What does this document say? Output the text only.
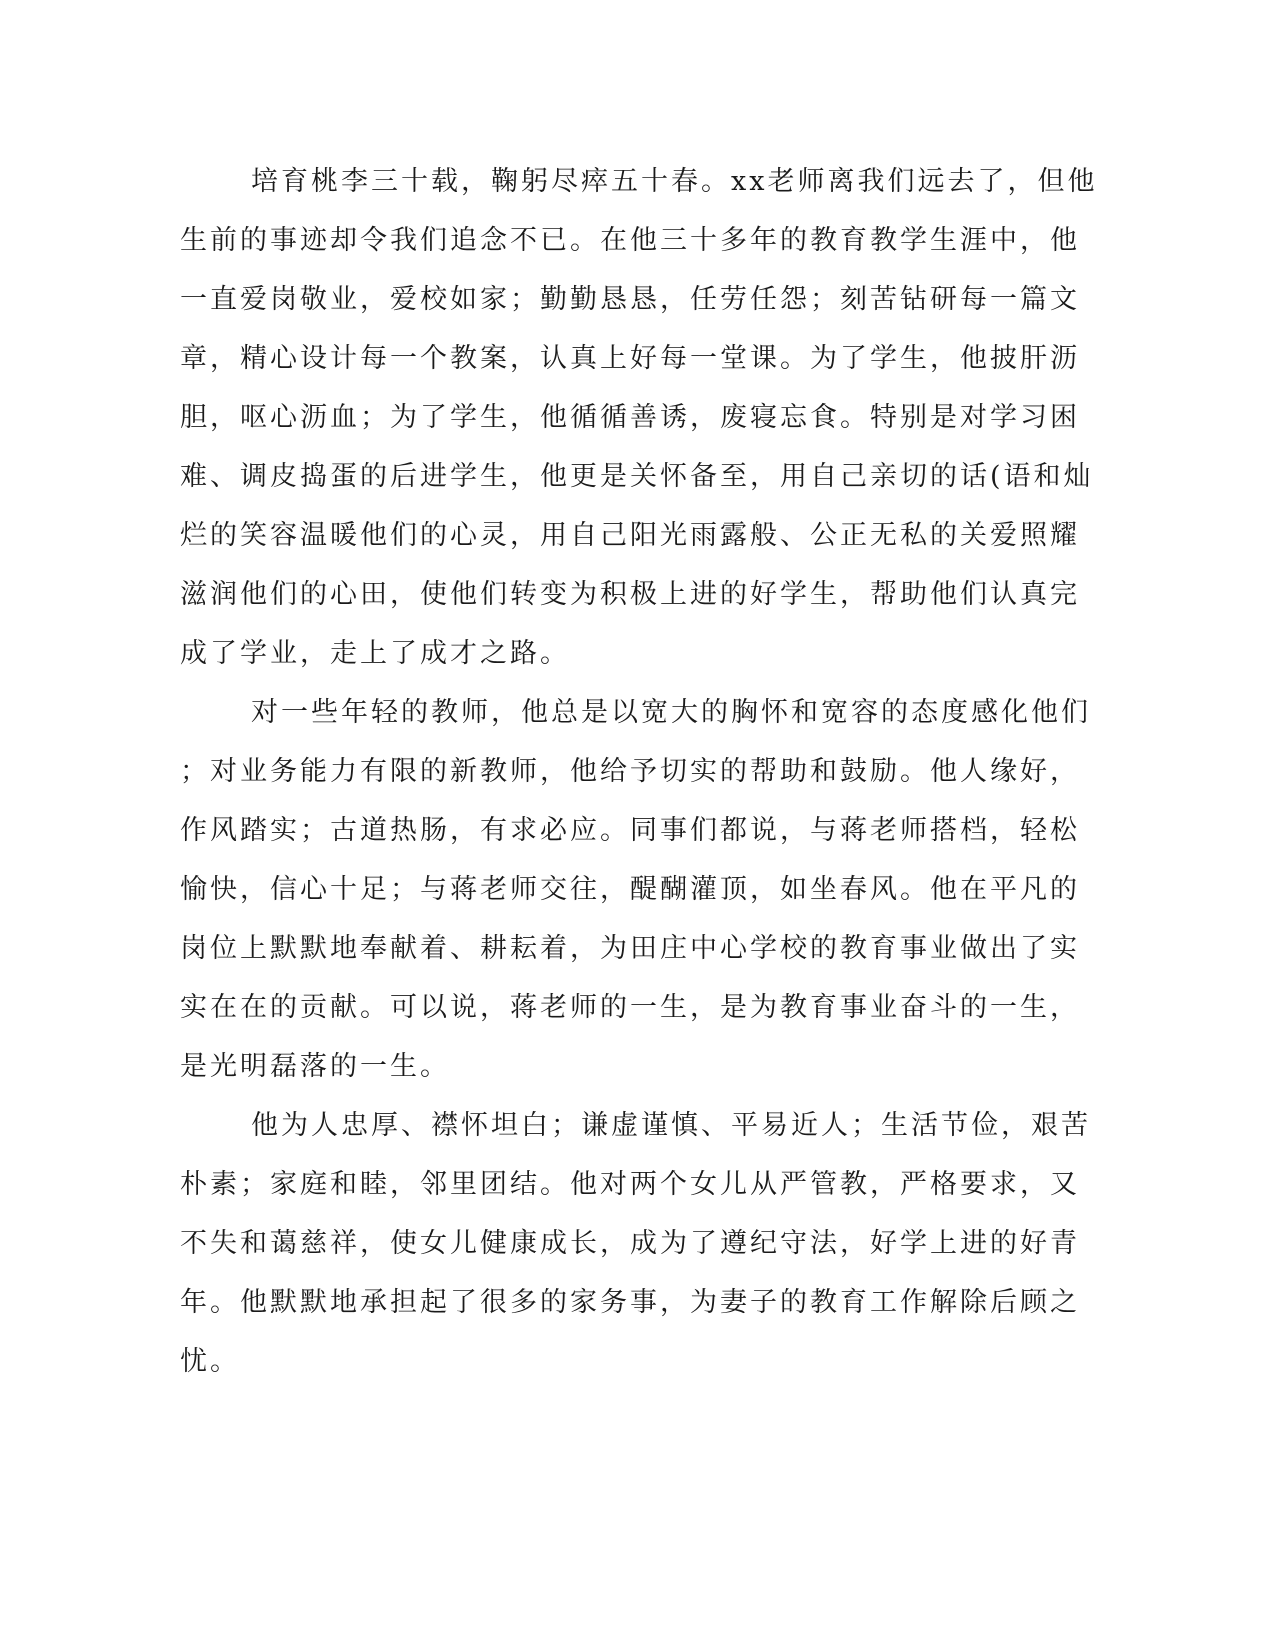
培育桃李三十载，鞠躬尽瘁五十春。xx老师离我们远去了，但他
生前的事迹却令我们追念不已。在他三十多年的教育教学生涯中，他
一直爱岗敬业，爱校如家；勤勤恳恳，任劳任怨；刻苦钻研每一篇文
章，精心设计每一个教案，认真上好每一堂课。为了学生，他披肝沥
胆，呕心沥血；为了学生，他循循善诱，废寝忘食。特别是对学习困
难、调皮捣蛋的后进学生，他更是关怀备至，用自己亲切的话(语和灿
烂的笑容温暖他们的心灵，用自己阳光雨露般、公正无私的关爱照耀
滋润他们的心田，使他们转变为积极上进的好学生，帮助他们认真完
成了学业，走上了成才之路。
对一些年轻的教师，他总是以宽大的胸怀和宽容的态度感化他们
；对业务能力有限的新教师，他给予切实的帮助和鼓励。他人缘好，
作风踏实；古道热肠，有求必应。同事们都说，与蒋老师搭档，轻松
愉快，信心十足；与蒋老师交往，醍醐灌顶，如坐春风。他在平凡的
岗位上默默地奉献着、耕耘着，为田庄中心学校的教育事业做出了实
实在在的贡献。可以说，蒋老师的一生，是为教育事业奋斗的一生，
是光明磊落的一生。
他为人忠厚、襟怀坦白；谦虚谨慎、平易近人；生活节俭，艰苦
朴素；家庭和睦，邻里团结。他对两个女儿从严管教，严格要求，又
不失和蔼慈祥，使女儿健康成长，成为了遵纪守法，好学上进的好青
年。他默默地承担起了很多的家务事，为妻子的教育工作解除后顾之
忧。
